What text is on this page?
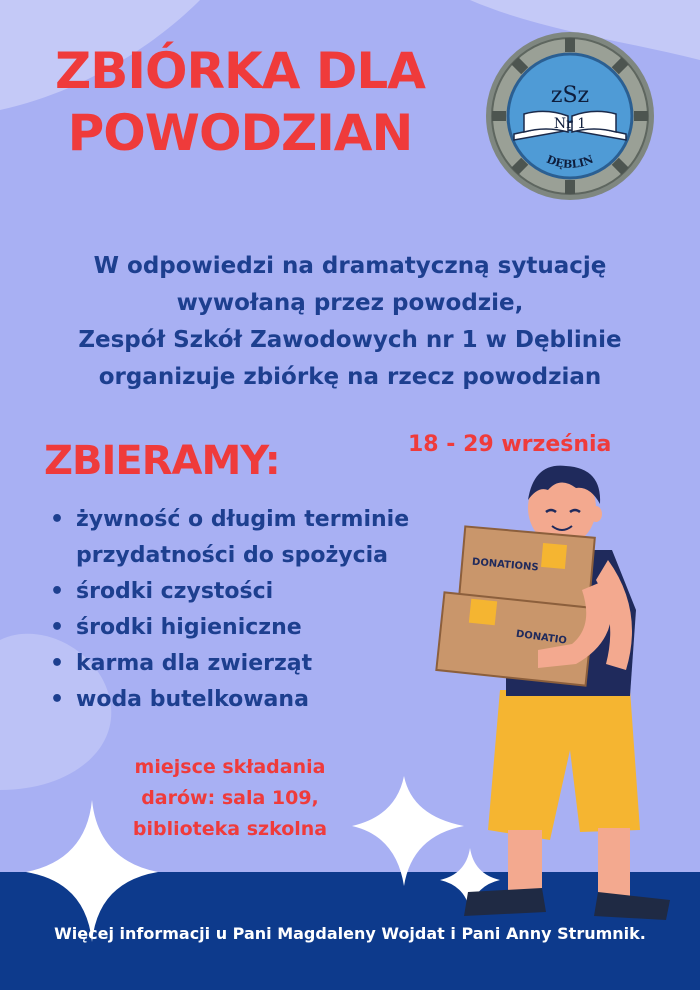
ZBIÓRKA DLA
POWODZIAN
zSz
Nr 1
DĘBLIN
W odpowiedzi na dramatyczną sytuację
wywołaną przez powodzie,
Zespół Szkół Zawodowych nr 1 w Dęblinie
organizuje zbiórkę na rzecz powodzian
18 - 29 września
ZBIERAMY:
• żywność o długim terminie
przydatności do spożycia
• środki czystości
• środki higieniczne
• karma dla zwierząt
• woda butelkowana
miejsce składania
darów: sala 109,
biblioteka szkolna
DONATIONS
DONATIO
Więcej informacji u Pani Magdaleny Wojdat i Pani Anny Strumnik.
